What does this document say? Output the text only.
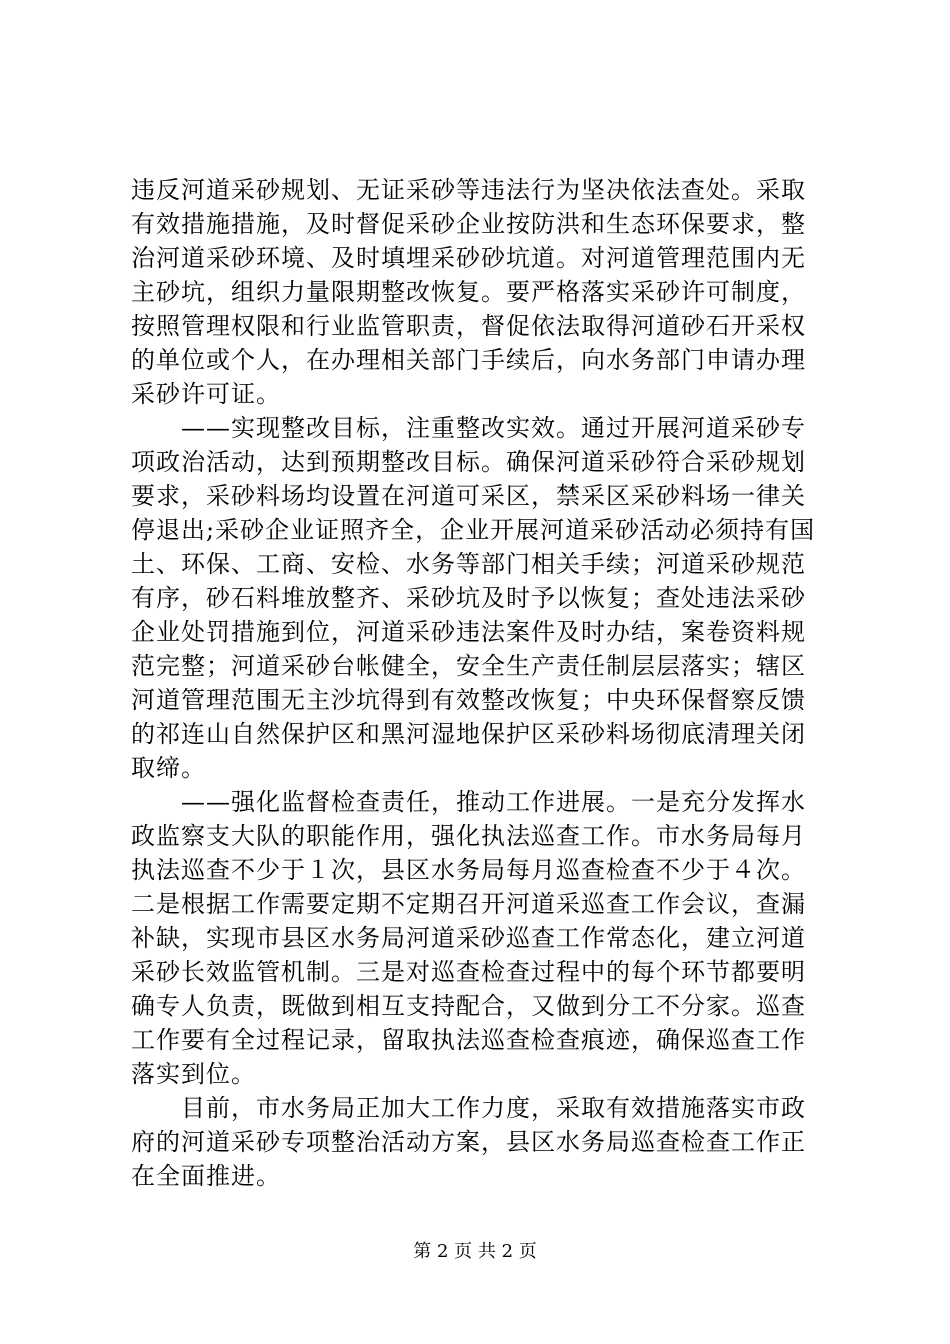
违反河道采砂规划、无证采砂等违法行为坚决依法查处。采取
有效措施措施，及时督促采砂企业按防洪和生态环保要求，整
治河道采砂环境、及时填埋采砂砂坑道。对河道管理范围内无
主砂坑，组织力量限期整改恢复。要严格落实采砂许可制度，
按照管理权限和行业监管职责，督促依法取得河道砂石开采权
的单位或个人，在办理相关部门手续后，向水务部门申请办理
采砂许可证。
　　——实现整改目标，注重整改实效。通过开展河道采砂专
项政治活动，达到预期整改目标。确保河道采砂符合采砂规划
要求，采砂料场均设置在河道可采区，禁采区采砂料场一律关
停退出;采砂企业证照齐全，企业开展河道采砂活动必须持有国
土、环保、工商、安检、水务等部门相关手续；河道采砂规范
有序，砂石料堆放整齐、采砂坑及时予以恢复；查处违法采砂
企业处罚措施到位，河道采砂违法案件及时办结，案卷资料规
范完整；河道采砂台帐健全，安全生产责任制层层落实；辖区
河道管理范围无主沙坑得到有效整改恢复；中央环保督察反馈
的祁连山自然保护区和黑河湿地保护区采砂料场彻底清理关闭
取缔。
　　——强化监督检查责任，推动工作进展。一是充分发挥水
政监察支大队的职能作用，强化执法巡查工作。市水务局每月
执法巡查不少于１次，县区水务局每月巡查检查不少于４次。
二是根据工作需要定期不定期召开河道采巡查工作会议，查漏
补缺，实现市县区水务局河道采砂巡查工作常态化，建立河道
采砂长效监管机制。三是对巡查检查过程中的每个环节都要明
确专人负责，既做到相互支持配合，又做到分工不分家。巡查
工作要有全过程记录，留取执法巡查检查痕迹，确保巡查工作
落实到位。
　　目前，市水务局正加大工作力度，采取有效措施落实市政
府的河道采砂专项整治活动方案，县区水务局巡查检查工作正
在全面推进。
第 2 页 共 2 页
